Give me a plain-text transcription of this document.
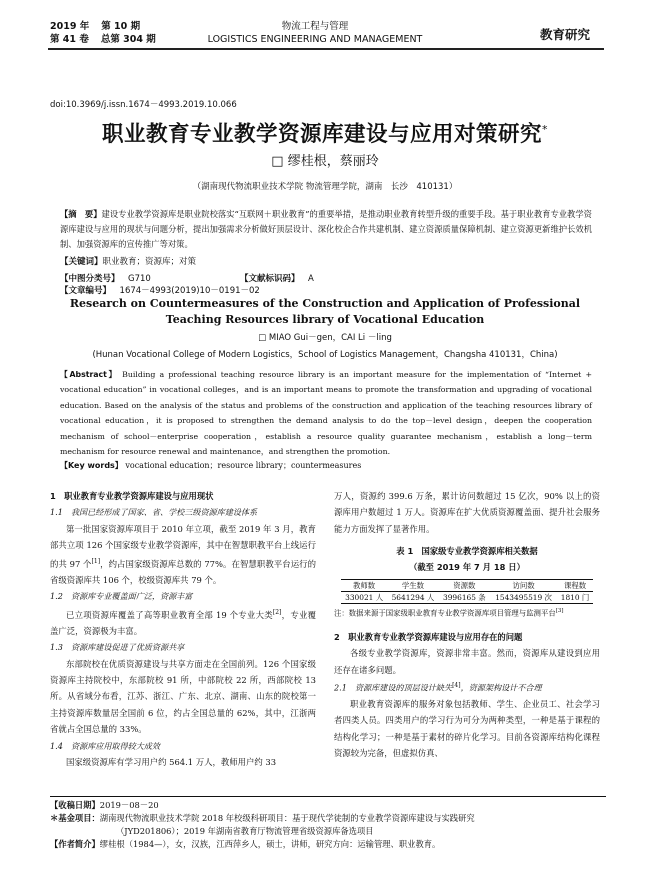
2019 年 第 10 期
第 41 卷 总第 304 期
物流工程与管理
LOGISTICS ENGINEERING AND MANAGEMENT	教育研究
doi:10.3969/j.issn.1674－4993.2019.10.066
职业教育专业教学资源库建设与应用对策研究*
□ 缪桂根，蔡丽玲
（湖南现代物流职业技术学院 物流管理学院，湖南　长沙　410131）
【摘　要】建设专业教学资源库是职业院校落实“互联网＋职业教育”的重要举措，是推动职业教育转型升级的重要手段。基于职业教育专业教学资源库建设与应用的现状与问题分析，提出加强需求分析做好顶层设计、深化校企合作共建机制、建立资源质量保障机制、建立资源更新维护长效机制、加强资源库的宣传推广等对策。
【关键词】职业教育；资源库；对策
【中图分类号】　 G710	【文献标识码】　 A【文章编号】　 1674－4993(2019)10－0191－02
Research on Countermeasures of the Construction and Application of Professional
Teaching Resources library of Vocational Education
□ MIAO Gui－gen，CAI Li －ling
(Hunan Vocational College of Modern Logistics，School of Logistics Management，Changsha 410131，China)
【Abstract】 Building a professional teaching resource library is an important measure for the implementation of “Internet + vocational education” in vocational colleges，and is an important means to promote the transformation and upgrading of vocational education. Based on the analysis of the status and problems of the construction and application of the teaching resources library of vocational education，it is proposed to strengthen the demand analysis to do the top－level design，deepen the cooperation mechanism of school－enterprise cooperation，establish a resource quality guarantee mechanism，establish a long－term mechanism for resource renewal and maintenance，and strengthen the promotion.
【Key words】 vocational education；resource library；countermeasures

1　职业教育专业教学资源库建设与应用现状

1.1　我国已经形成了国家、省、学校三级资源库建设体系

第一批国家资源库项目于 2010 年立项，截至 2019 年 3 月，教育部共立项 126 个国家级专业教学资源库，其中在智慧职教平台上线运行的共 97 个[1]，约占国家级资源库总数的 77%。在智慧职教平台运行的省级资源库共 106 个，校级资源库共 79 个。

1.2　资源库专业覆盖面广泛，资源丰富

已立项资源库覆盖了高等职业教育全部 19 个专业大类[2]，专业覆盖广泛，资源极为丰富。

1.3　资源库建设促进了优质资源共享

东部院校在优质资源建设与共享方面走在全国前列。126 个国家级资源库主持院校中，东部院校 91 所，中部院校 22 所，西部院校 13 所。从省域分布看，江苏、浙江、广东、北京、湖南、山东的院校第一主持资源库数量居全国前 6 位，约占全国总量的 62%，其中，江浙两省就占全国总量的 33%。

1.4　资源库应用取得较大成效

国家级资源库有学习用户约 564.1 万人，教师用户约 33

万人，资源约 399.6 万条，累计访问数超过 15 亿次，90% 以上的资源库用户数超过 1 万人。资源库在扩大优质资源覆盖面、提升社会服务能力方面发挥了显著作用。

表 1　国家级专业教学资源库相关数据
（截至 2019 年 7 月 18 日）
教师数	学生数	资源数	访问数	课程数
330021 人	5641294 人	3996165 条	1543495519 次	1810 门

注：数据来源于国家级职业教育专业教学资源库项目管理与监测平台[3]

2　职业教育专业教学资源库建设与应用存在的问题

各级专业教学资源库，资源非常丰富。然而，资源库从建设到应用还存在诸多问题。

2.1　资源库建设的顶层设计缺失[4]，资源架构设计不合理

职业教育资源库的服务对象包括教师、学生、企业员工、社会学习者四类人员。四类用户的学习行为可分为两种类型，一种是基于课程的结构化学习；一种是基于素材的碎片化学习。目前各资源库结构化课程资源较为完备，但虚拟仿真、

【收稿日期】2019－08－20
＊基金项目：湖南现代物流职业技术学院 2018 年校级科研项目：基于现代学徒制的专业教学资源库建设与实践研究
（JYD201806）；2019 年湖南省教育厅物流管理省级资源库备选项目
【作者简介】缪桂根（1984—），女，汉族，江西萍乡人，硕士，讲师，研究方向：运输管理、职业教育。
